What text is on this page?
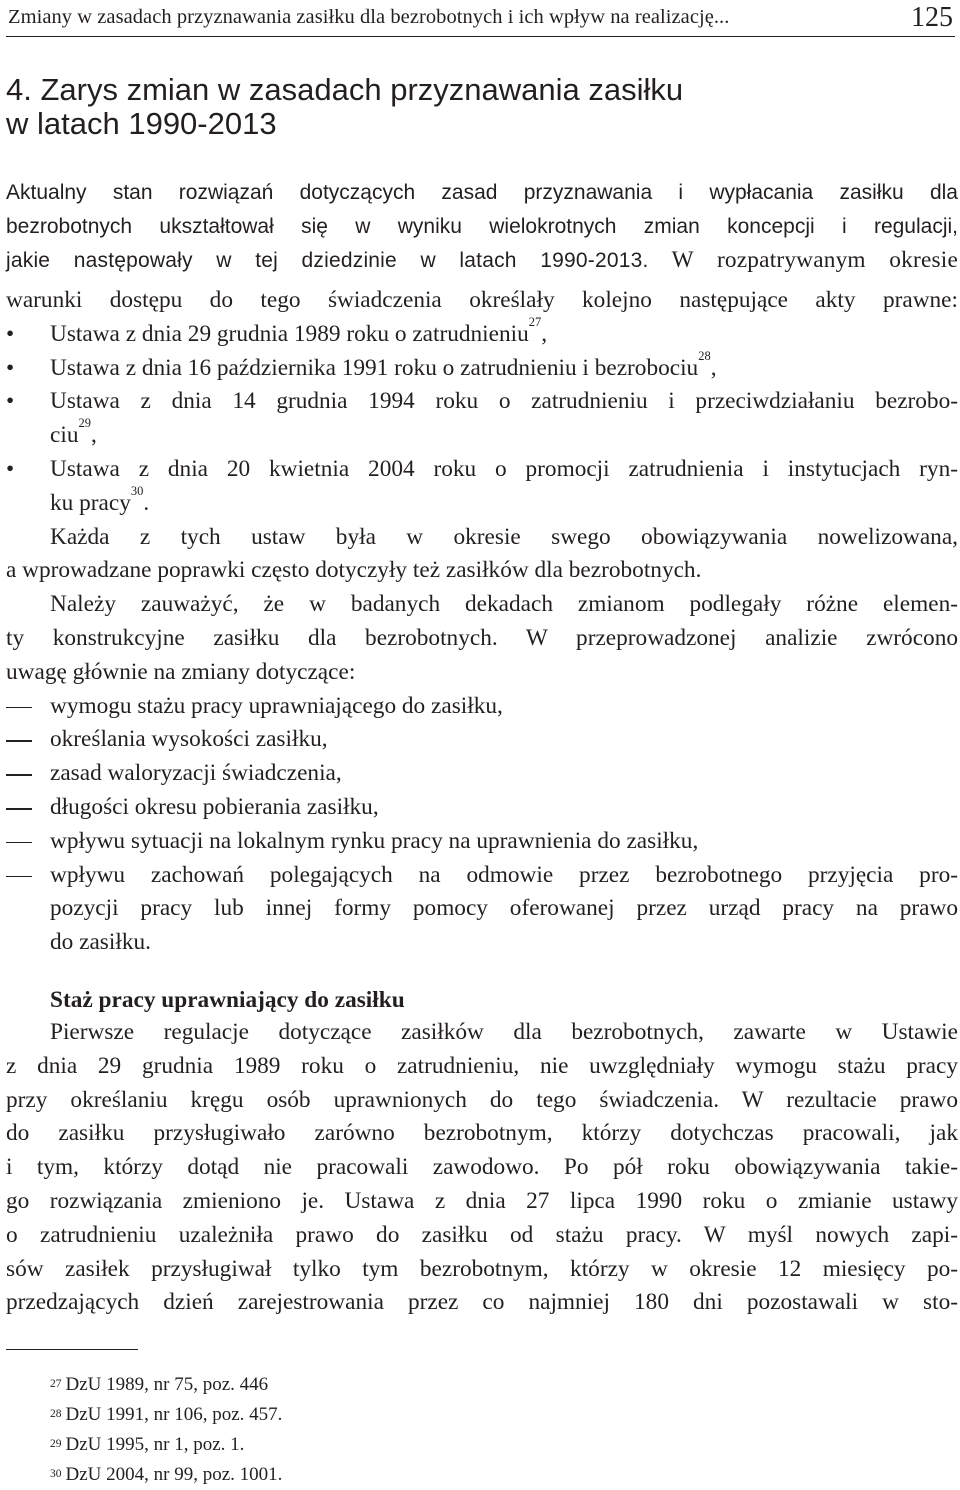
Zmiany w zasadach przyznawania zasiłku dla bezrobotnych i ich wpływ na realizację...	125
4. Zarys zmian w zasadach przyznawania zasiłku
w latach 1990-2013
Aktualny stan rozwiązań dotyczących zasad przyznawania i wypłacania zasiłku dla
bezrobotnych ukształtował się w wyniku wielokrotnych zmian koncepcji i regulacji,
jakie następowały w tej dziedzinie w latach 1990-2013. W rozpatrywanym okresie
warunki dostępu do tego świadczenia określały kolejno następujące akty prawne:
•	Ustawa z dnia 29 grudnia 1989 roku o zatrudnieniu$^{27}$,
•	Ustawa z dnia 16 października 1991 roku o zatrudnieniu i bezrobociu$^{28}$,
•	Ustawa z dnia 14 grudnia 1994 roku o zatrudnieniu i przeciwdziałaniu bezrobo-
ciu$^{29}$,
•	Ustawa z dnia 20 kwietnia 2004 roku o promocji zatrudnienia i instytucjach ryn-
ku pracy$^{30}$.
Każda z tych ustaw była w okresie swego obowiązywania nowelizowana,
a wprowadzane poprawki często dotyczyły też zasiłków dla bezrobotnych.
Należy zauważyć, że w badanych dekadach zmianom podlegały różne elemen-
ty konstrukcyjne zasiłku dla bezrobotnych. W przeprowadzonej analizie zwrócono
uwagę głównie na zmiany dotyczące:
wymogu stażu pracy uprawniającego do zasiłku,
określania wysokości zasiłku,
zasad waloryzacji świadczenia,
długości okresu pobierania zasiłku,
wpływu sytuacji na lokalnym rynku pracy na uprawnienia do zasiłku,
wpływu zachowań polegających na odmowie przez bezrobotnego przyjęcia pro-
pozycji pracy lub innej formy pomocy oferowanej przez urząd pracy na prawo
do zasiłku.
Staż pracy uprawniający do zasiłku
Pierwsze regulacje dotyczące zasiłków dla bezrobotnych, zawarte w Ustawie
z dnia 29 grudnia 1989 roku o zatrudnieniu, nie uwzględniały wymogu stażu pracy
przy określaniu kręgu osób uprawnionych do tego świadczenia. W rezultacie prawo
do zasiłku przysługiwało zarówno bezrobotnym, którzy dotychczas pracowali, jak
i tym, którzy dotąd nie pracowali zawodowo. Po pół roku obowiązywania takie-
go rozwiązania zmieniono je. Ustawa z dnia 27 lipca 1990 roku o zmianie ustawy
o zatrudnieniu uzależniła prawo do zasiłku od stażu pracy. W myśl nowych zapi-
sów zasiłek przysługiwał tylko tym bezrobotnym, którzy w okresie 12 miesięcy po-
przedzających dzień zarejestrowania przez co najmniej 180 dni pozostawali w sto-
$^{27}$ DzU 1989, nr 75, poz. 446
$^{28}$ DzU 1991, nr 106, poz. 457.
$^{29}$ DzU 1995, nr 1, poz. 1.
$^{30}$ DzU 2004, nr 99, poz. 1001.
